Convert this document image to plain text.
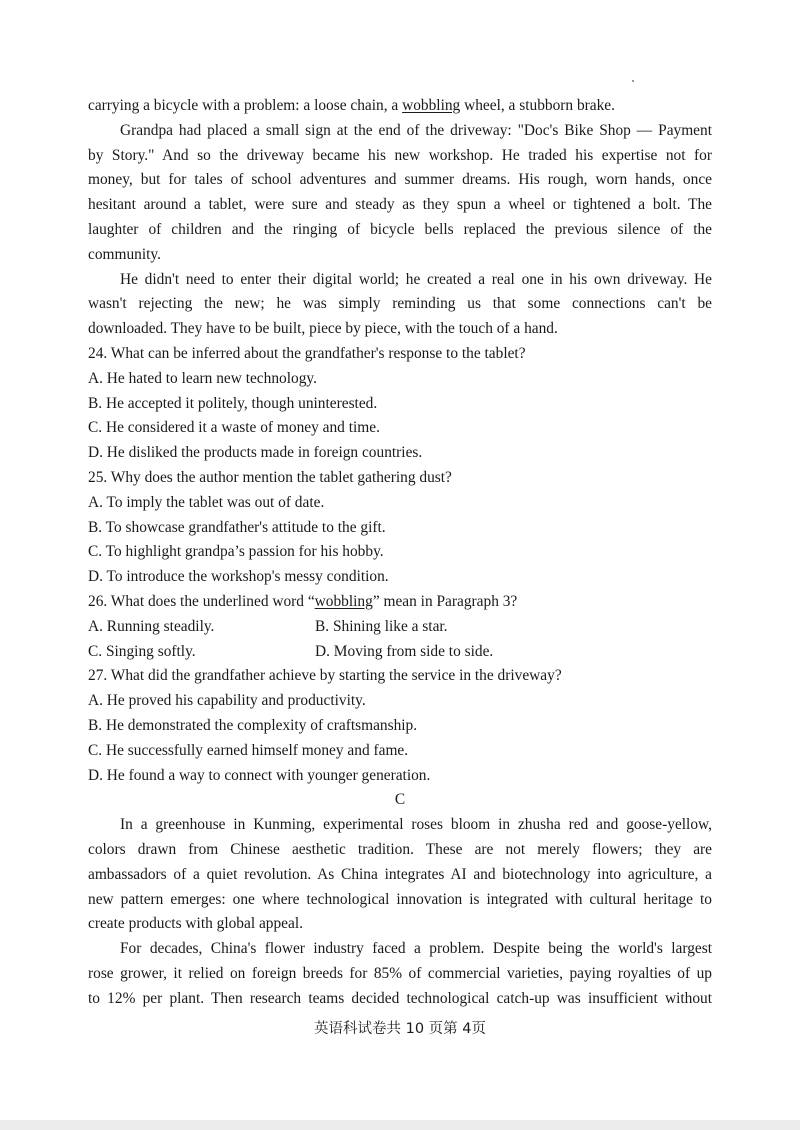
carrying a bicycle with a problem: a loose chain, a wobbling wheel, a stubborn brake.
Grandpa had placed a small sign at the end of the driveway: "Doc's Bike Shop — Payment
by Story." And so the driveway became his new workshop. He traded his expertise not for
money, but for tales of school adventures and summer dreams. His rough, worn hands, once
hesitant around a tablet, were sure and steady as they spun a wheel or tightened a bolt. The
laughter of children and the ringing of bicycle bells replaced the previous silence of the
community.
He didn't need to enter their digital world; he created a real one in his own driveway. He
wasn't rejecting the new; he was simply reminding us that some connections can't be
downloaded. They have to be built, piece by piece, with the touch of a hand.
24. What can be inferred about the grandfather's response to the tablet?
A. He hated to learn new technology.
B. He accepted it politely, though uninterested.
C. He considered it a waste of money and time.
D. He disliked the products made in foreign countries.
25. Why does the author mention the tablet gathering dust?
A. To imply the tablet was out of date.
B. To showcase grandfather's attitude to the gift.
C. To highlight grandpa’s passion for his hobby.
D. To introduce the workshop's messy condition.
26. What does the underlined word “wobbling” mean in Paragraph 3?
A. Running steadily.	B. Shining like a star.
C. Singing softly.	D. Moving from side to side.
27. What did the grandfather achieve by starting the service in the driveway?
A. He proved his capability and productivity.
B. He demonstrated the complexity of craftsmanship.
C. He successfully earned himself money and fame.
D. He found a way to connect with younger generation.
C
In a greenhouse in Kunming, experimental roses bloom in zhusha red and goose-yellow,
colors drawn from Chinese aesthetic tradition. These are not merely flowers; they are
ambassadors of a quiet revolution. As China integrates AI and biotechnology into agriculture, a
new pattern emerges: one where technological innovation is integrated with cultural heritage to
create products with global appeal.
For decades, China's flower industry faced a problem. Despite being the world's largest
rose grower, it relied on foreign breeds for 85% of commercial varieties, paying royalties of up
to 12% per plant. Then research teams decided technological catch-up was insufficient without
英语科试卷共 10 页第 4页
